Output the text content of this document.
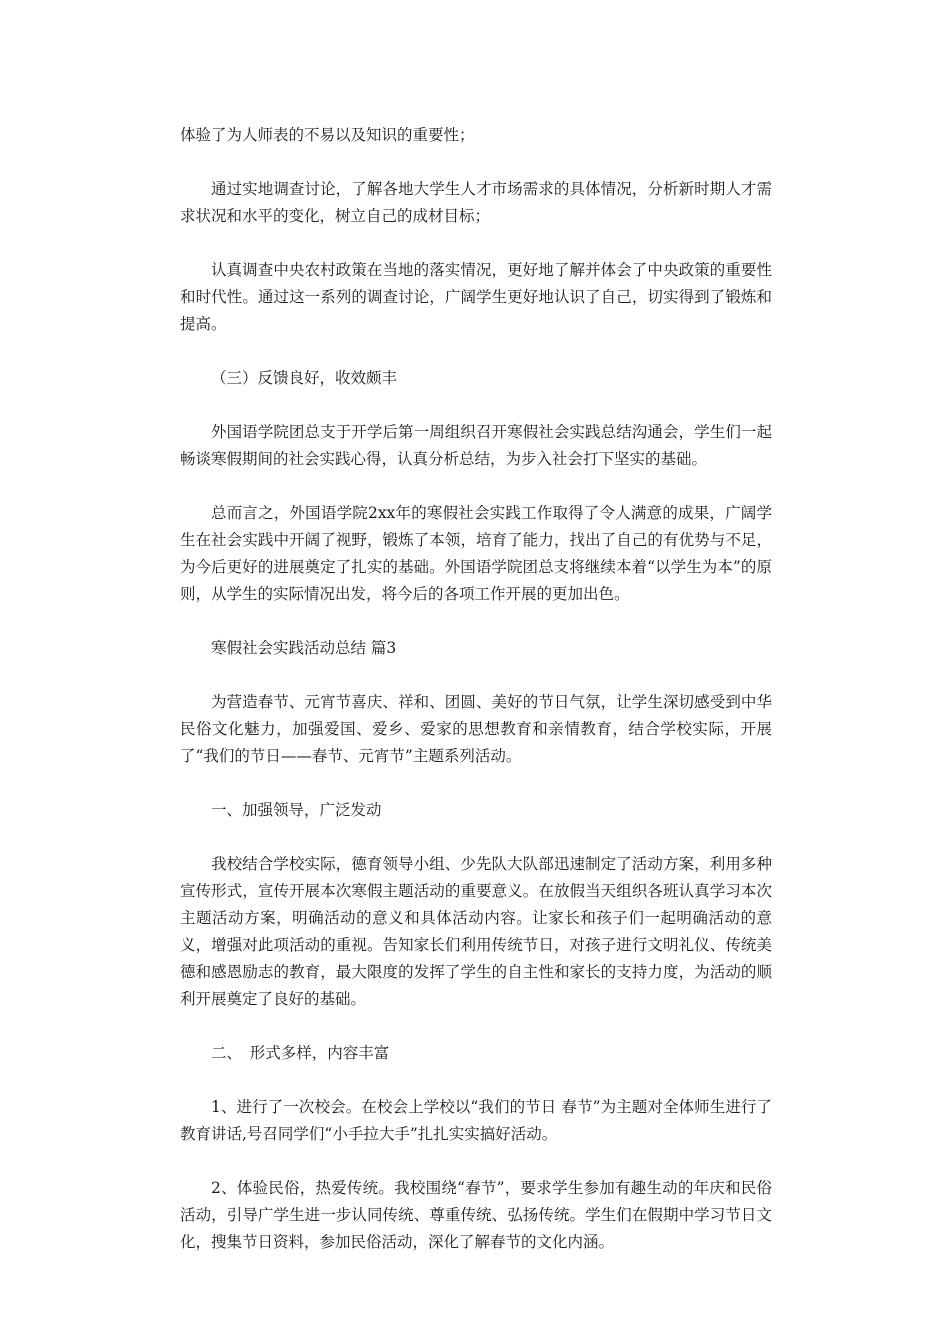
体验了为人师表的不易以及知识的重要性；

通过实地调查讨论，了解各地大学生人才市场需求的具体情况，分析新时期人才需求状况和水平的变化，树立自己的成材目标；

认真调查中央农村政策在当地的落实情况，更好地了解并体会了中央政策的重要性和时代性。通过这一系列的调查讨论，广阔学生更好地认识了自己，切实得到了锻炼和提高。

（三）反馈良好，收效颇丰

外国语学院团总支于开学后第一周组织召开寒假社会实践总结沟通会，学生们一起畅谈寒假期间的社会实践心得，认真分析总结，为步入社会打下坚实的基础。

总而言之，外国语学院2xx年的寒假社会实践工作取得了令人满意的成果，广阔学生在社会实践中开阔了视野，锻炼了本领，培育了能力，找出了自己的有优势与不足，为今后更好的进展奠定了扎实的基础。外国语学院团总支将继续本着“以学生为本”的原则，从学生的实际情况出发，将今后的各项工作开展的更加出色。

寒假社会实践活动总结 篇3

为营造春节、元宵节喜庆、祥和、团圆、美好的节日气氛，让学生深切感受到中华民俗文化魅力，加强爱国、爱乡、爱家的思想教育和亲情教育，结合学校实际，开展了“我们的节日——春节、元宵节”主题系列活动。

一、加强领导，广泛发动

我校结合学校实际，德育领导小组、少先队大队部迅速制定了活动方案，利用多种宣传形式，宣传开展本次寒假主题活动的重要意义。在放假当天组织各班认真学习本次主题活动方案，明确活动的意义和具体活动内容。让家长和孩子们一起明确活动的意义，增强对此项活动的重视。告知家长们利用传统节日，对孩子进行文明礼仪、传统美德和感恩励志的教育，最大限度的发挥了学生的自主性和家长的支持力度，为活动的顺利开展奠定了良好的基础。

二、　形式多样，内容丰富

1、进行了一次校会。在校会上学校以“我们的节日 春节”为主题对全体师生进行了教育讲话,号召同学们“小手拉大手”扎扎实实搞好活动。

2、体验民俗，热爱传统。我校围绕“春节”，要求学生参加有趣生动的年庆和民俗活动，引导广学生进一步认同传统、尊重传统、弘扬传统。学生们在假期中学习节日文化，搜集节日资料，参加民俗活动，深化了解春节的文化内涵。
